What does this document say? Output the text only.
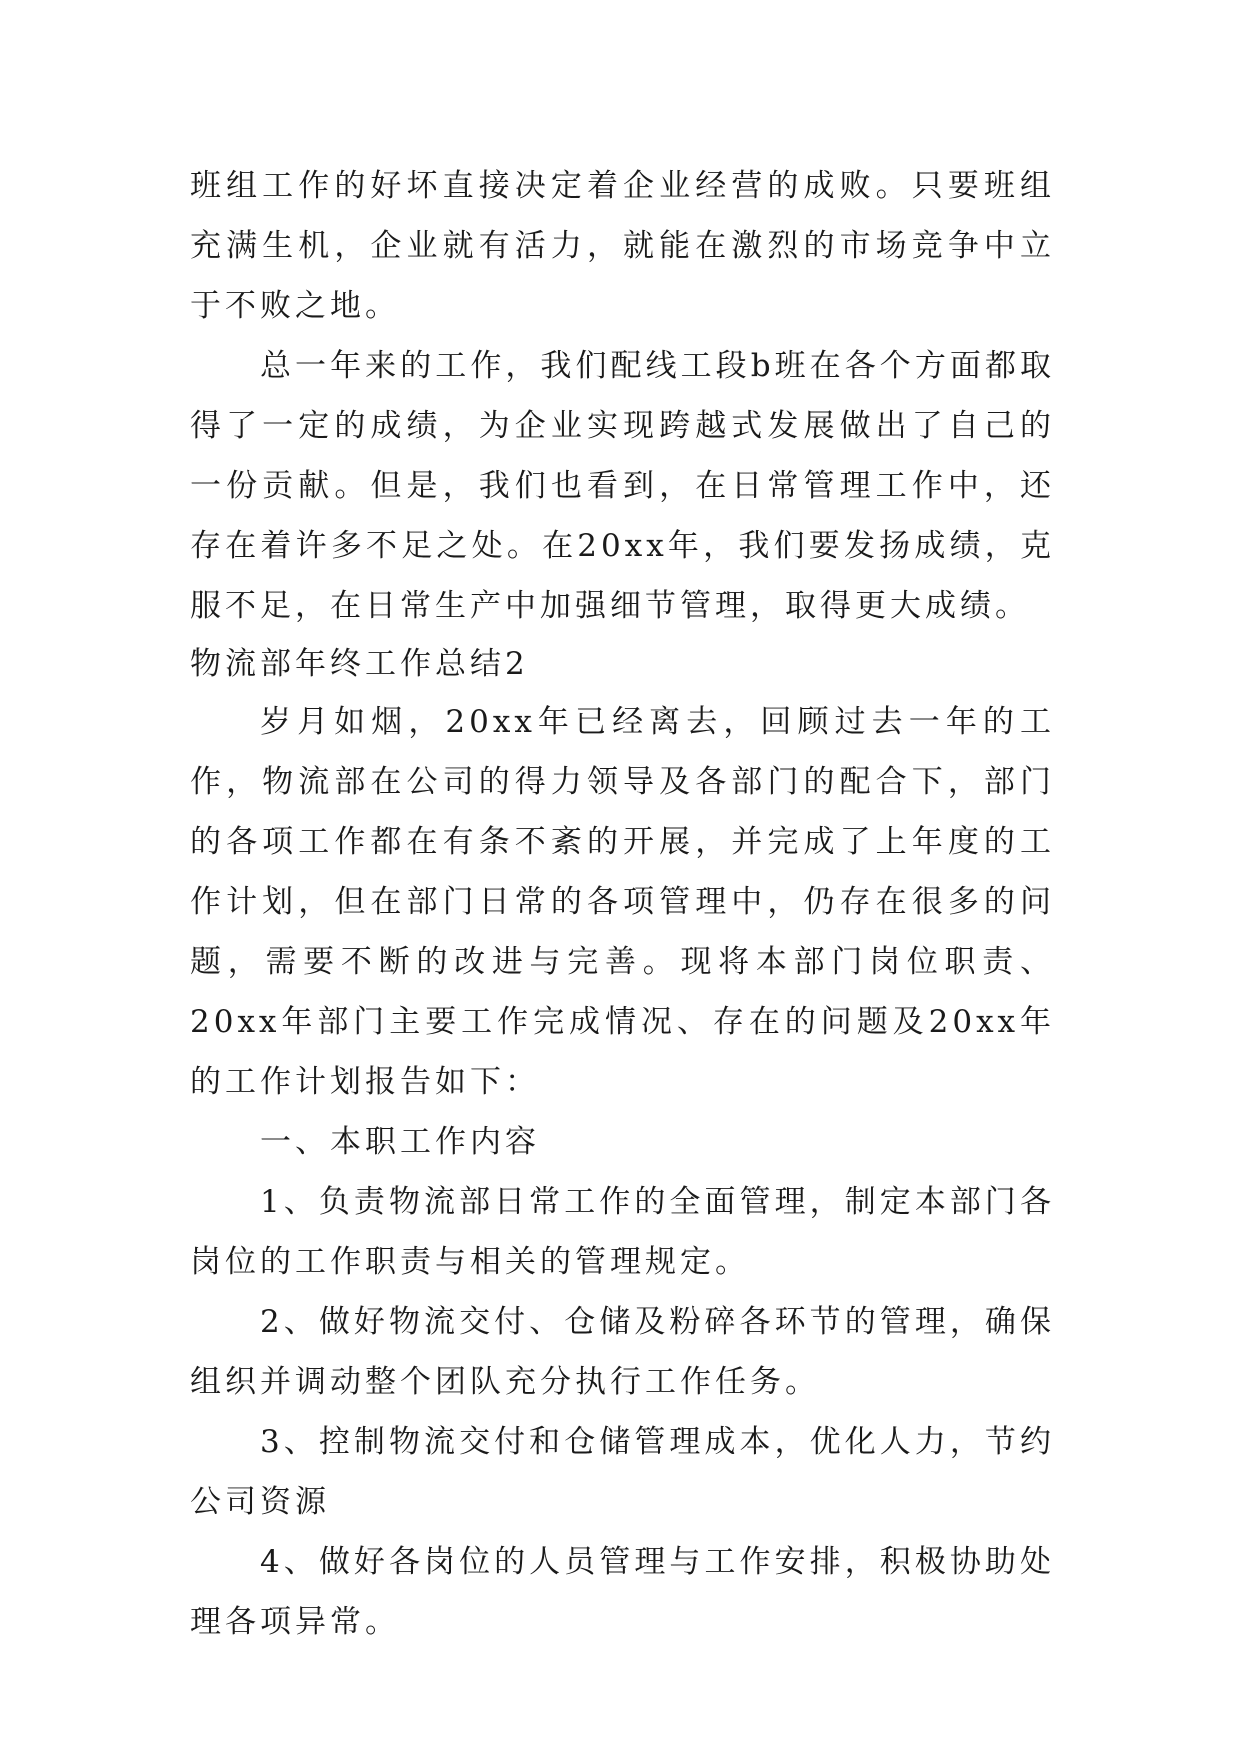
班组工作的好坏直接决定着企业经营的成败。只要班组充满生机，企业就有活力，就能在激烈的市场竞争中立于不败之地。

总一年来的工作，我们配线工段b班在各个方面都取得了一定的成绩，为企业实现跨越式发展做出了自己的一份贡献。但是，我们也看到，在日常管理工作中，还存在着许多不足之处。在20xx年，我们要发扬成绩，克服不足，在日常生产中加强细节管理，取得更大成绩。

物流部年终工作总结2

岁月如烟，20xx年已经离去，回顾过去一年的工作，物流部在公司的得力领导及各部门的配合下，部门的各项工作都在有条不紊的开展，并完成了上年度的工作计划，但在部门日常的各项管理中，仍存在很多的问题，需要不断的改进与完善。现将本部门岗位职责、20xx年部门主要工作完成情况、存在的问题及20xx年的工作计划报告如下：

一、本职工作内容

1、负责物流部日常工作的全面管理，制定本部门各岗位的工作职责与相关的管理规定。

2、做好物流交付、仓储及粉碎各环节的管理，确保组织并调动整个团队充分执行工作任务。

3、控制物流交付和仓储管理成本，优化人力，节约公司资源

4、做好各岗位的人员管理与工作安排，积极协助处理各项异常。
